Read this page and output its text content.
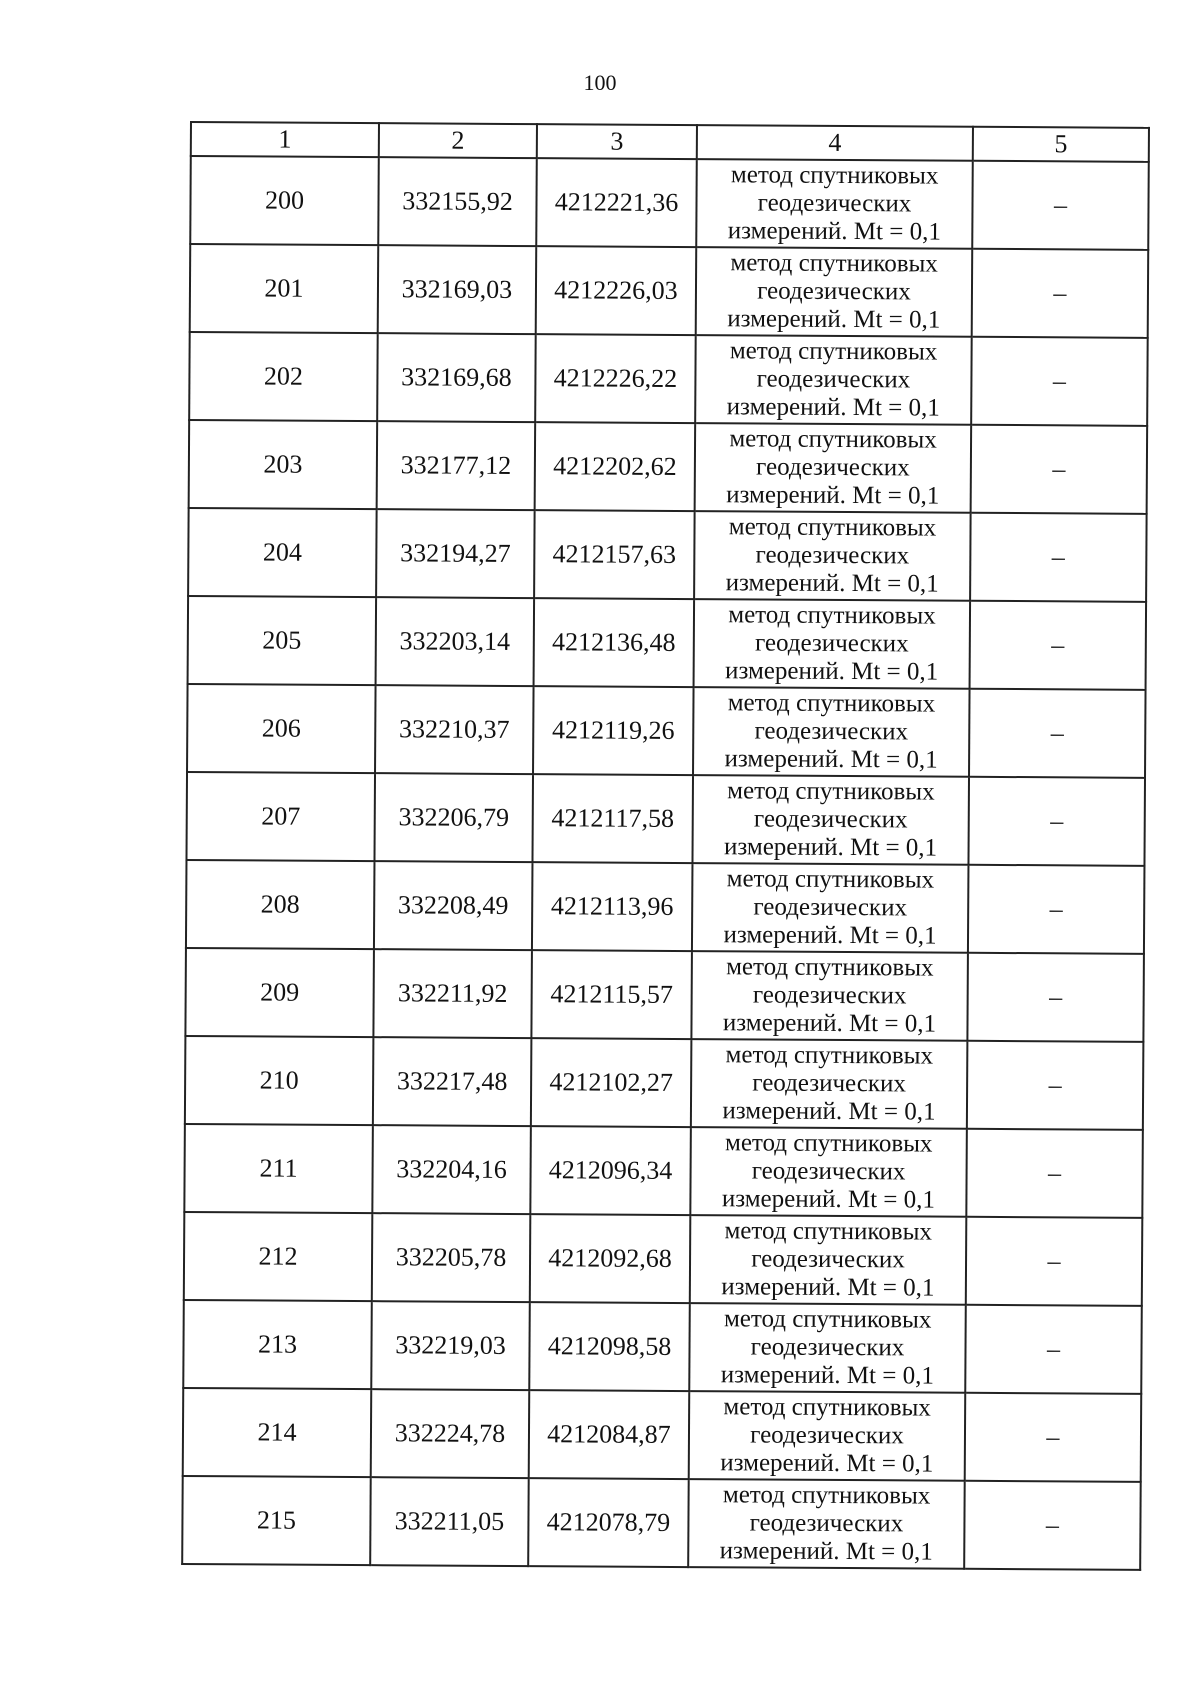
100
1	2	3	4	5
200	332155,92	4212221,36	метод спутниковых
геодезических
измерений. Mt = 0,1	–
201	332169,03	4212226,03	метод спутниковых
геодезических
измерений. Mt = 0,1	–
202	332169,68	4212226,22	метод спутниковых
геодезических
измерений. Mt = 0,1	–
203	332177,12	4212202,62	метод спутниковых
геодезических
измерений. Mt = 0,1	–
204	332194,27	4212157,63	метод спутниковых
геодезических
измерений. Mt = 0,1	–
205	332203,14	4212136,48	метод спутниковых
геодезических
измерений. Mt = 0,1	–
206	332210,37	4212119,26	метод спутниковых
геодезических
измерений. Mt = 0,1	–
207	332206,79	4212117,58	метод спутниковых
геодезических
измерений. Mt = 0,1	–
208	332208,49	4212113,96	метод спутниковых
геодезических
измерений. Mt = 0,1	–
209	332211,92	4212115,57	метод спутниковых
геодезических
измерений. Mt = 0,1	–
210	332217,48	4212102,27	метод спутниковых
геодезических
измерений. Mt = 0,1	–
211	332204,16	4212096,34	метод спутниковых
геодезических
измерений. Mt = 0,1	–
212	332205,78	4212092,68	метод спутниковых
геодезических
измерений. Mt = 0,1	–
213	332219,03	4212098,58	метод спутниковых
геодезических
измерений. Mt = 0,1	–
214	332224,78	4212084,87	метод спутниковых
геодезических
измерений. Mt = 0,1	–
215	332211,05	4212078,79	метод спутниковых
геодезических
измерений. Mt = 0,1	–
